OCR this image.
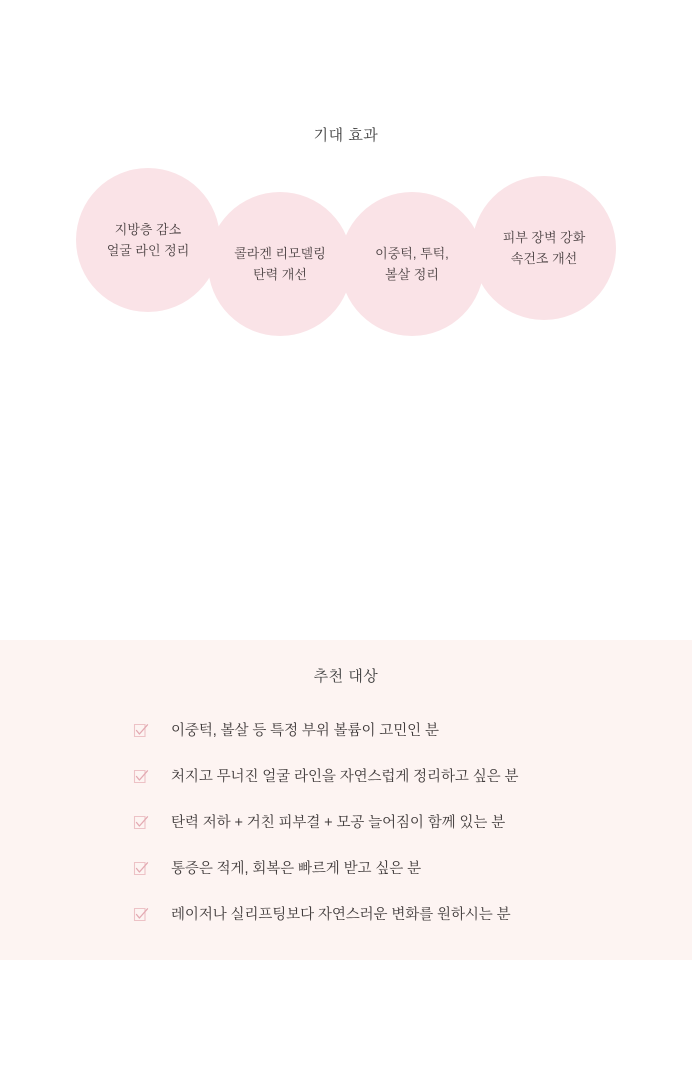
기대 효과
지방층 감소
얼굴 라인 정리	콜라겐 리모델링
탄력 개선
이중턱, 투턱,
볼살 정리
피부 장벽 강화
속건조 개선
추천 대상
이중턱, 볼살 등 특정 부위 볼륨이 고민인 분
처지고 무너진 얼굴 라인을 자연스럽게 정리하고 싶은 분
탄력 저하 + 거친 피부결 + 모공 늘어짐이 함께 있는 분
통증은 적게, 회복은 빠르게 받고 싶은 분
레이저나 실리프팅보다 자연스러운 변화를 원하시는 분
